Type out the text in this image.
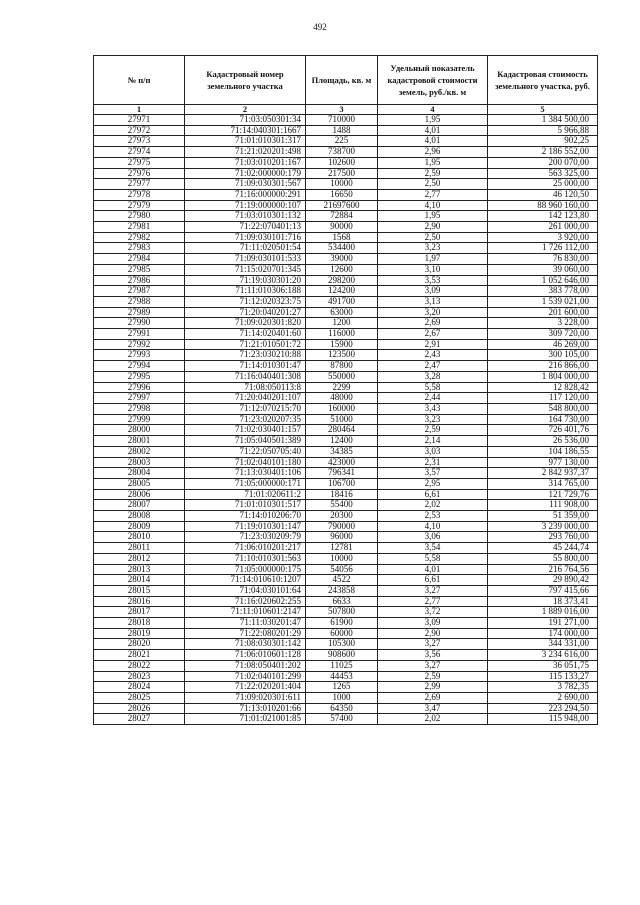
492
№ п/п	Кадастровый номер земельного участка	Площадь, кв. м	Удельный показатель кадастровой стоимости земель, руб./кв. м	Кадастровая стоимость земельного участка, руб.
1	2	3	4	5
27971	71:03:050301:34	710000	1,95	1 384 500,00
27972	71:14:040301:1667	1488	4,01	5 966,88
27973	71:01:010301:317	225	4,01	902,25
27974	71:21:020201:498	738700	2,96	2 186 552,00
27975	71:03:010201:167	102600	1,95	200 070,00
27976	71:02:000000:179	217500	2,59	563 325,00
27977	71:09:030301:567	10000	2,50	25 000,00
27978	71:16:000000:291	16650	2,77	46 120,50
27979	71:19:000000:107	21697600	4,10	88 960 160,00
27980	71:03:010301:132	72884	1,95	142 123,80
27981	71:22:070401:13	90000	2,90	261 000,00
27982	71:09:030101:716	1568	2,50	3 920,00
27983	71:11:020501:54	534400	3,23	1 726 112,00
27984	71:09:030101:533	39000	1,97	76 830,00
27985	71:15:020701:345	12600	3,10	39 060,00
27986	71:19:030301:20	298200	3,53	1 052 646,00
27987	71:11:010306:188	124200	3,09	383 778,00
27988	71:12:020323:75	491700	3,13	1 539 021,00
27989	71:20:040201:27	63000	3,20	201 600,00
27990	71:09:020301:820	1200	2,69	3 228,00
27991	71:14:020401:60	116000	2,67	309 720,00
27992	71:21:010501:72	15900	2,91	46 269,00
27993	71:23:030210:88	123500	2,43	300 105,00
27994	71:14:010301:47	87800	2,47	216 866,00
27995	71:16:040401:308	550000	3,28	1 804 000,00
27996	71:08:050113:8	2299	5,58	12 828,42
27997	71:20:040201:107	48000	2,44	117 120,00
27998	71:12:070215:70	160000	3,43	548 800,00
27999	71:23:020207:35	51000	3,23	164 730,00
28000	71:02:030401:157	280464	2,59	726 401,76
28001	71:05:040501:389	12400	2,14	26 536,00
28002	71:22:050705:40	34385	3,03	104 186,55
28003	71:02:040101:180	423000	2,31	977 130,00
28004	71:13:030401:106	796341	3,57	2 842 937,37
28005	71:05:000000:171	106700	2,95	314 765,00
28006	71:01:020611:2	18416	6,61	121 729,76
28007	71:01:010301:517	55400	2,02	111 908,00
28008	71:14:010206:70	20300	2,53	51 359,00
28009	71:19:010301:147	790000	4,10	3 239 000,00
28010	71:23:030209:79	96000	3,06	293 760,00
28011	71:06:010201:217	12781	3,54	45 244,74
28012	71:10:010301:563	10000	5,58	55 800,00
28013	71:05:000000:175	54056	4,01	216 764,56
28014	71:14:010610:1207	4522	6,61	29 890,42
28015	71:04:030101:64	243858	3,27	797 415,66
28016	71:16:020602:255	6633	2,77	18 373,41
28017	71:11:010601:2147	507800	3,72	1 889 016,00
28018	71:11:030201:47	61900	3,09	191 271,00
28019	71:22:080201:29	60000	2,90	174 000,00
28020	71:08:030301:142	105300	3,27	344 331,00
28021	71:06:010601:128	908600	3,56	3 234 616,00
28022	71:08:050401:202	11025	3,27	36 051,75
28023	71:02:040101:299	44453	2,59	115 133,27
28024	71:22:020201:404	1265	2,99	3 782,35
28025	71:09:020301:611	1000	2,69	2 690,00
28026	71:13:010201:66	64350	3,47	223 294,50
28027	71:01:021001:85	57400	2,02	115 948,00
